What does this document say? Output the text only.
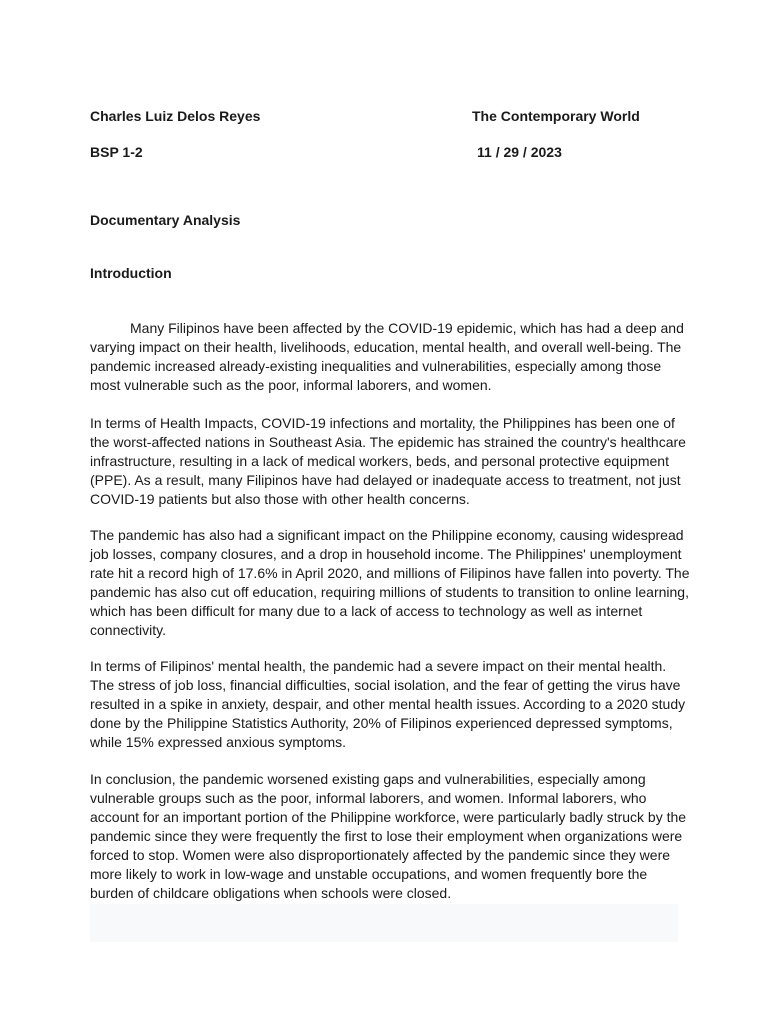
Charles Luiz Delos Reyes	The Contemporary World
BSP 1-2	11 / 29 / 2023
Documentary Analysis
Introduction

Many Filipinos have been affected by the COVID-19 epidemic, which has had a deep and varying impact on their health, livelihoods, education, mental health, and overall well-being. The pandemic increased already-existing inequalities and vulnerabilities, especially among those most vulnerable such as the poor, informal laborers, and women.

In terms of Health Impacts, COVID-19 infections and mortality, the Philippines has been one of the worst-affected nations in Southeast Asia. The epidemic has strained the country's healthcare infrastructure, resulting in a lack of medical workers, beds, and personal protective equipment (PPE). As a result, many Filipinos have had delayed or inadequate access to treatment, not just COVID-19 patients but also those with other health concerns.

The pandemic has also had a significant impact on the Philippine economy, causing widespread job losses, company closures, and a drop in household income. The Philippines' unemployment rate hit a record high of 17.6% in April 2020, and millions of Filipinos have fallen into poverty. The pandemic has also cut off education, requiring millions of students to transition to online learning, which has been difficult for many due to a lack of access to technology as well as internet connectivity.

In terms of Filipinos' mental health, the pandemic had a severe impact on their mental health. The stress of job loss, financial difficulties, social isolation, and the fear of getting the virus have resulted in a spike in anxiety, despair, and other mental health issues. According to a 2020 study done by the Philippine Statistics Authority, 20% of Filipinos experienced depressed symptoms, while 15% expressed anxious symptoms.

In conclusion, the pandemic worsened existing gaps and vulnerabilities, especially among vulnerable groups such as the poor, informal laborers, and women. Informal laborers, who account for an important portion of the Philippine workforce, were particularly badly struck by the pandemic since they were frequently the first to lose their employment when organizations were forced to stop. Women were also disproportionately affected by the pandemic since they were more likely to work in low-wage and unstable occupations, and women frequently bore the burden of childcare obligations when schools were closed.
